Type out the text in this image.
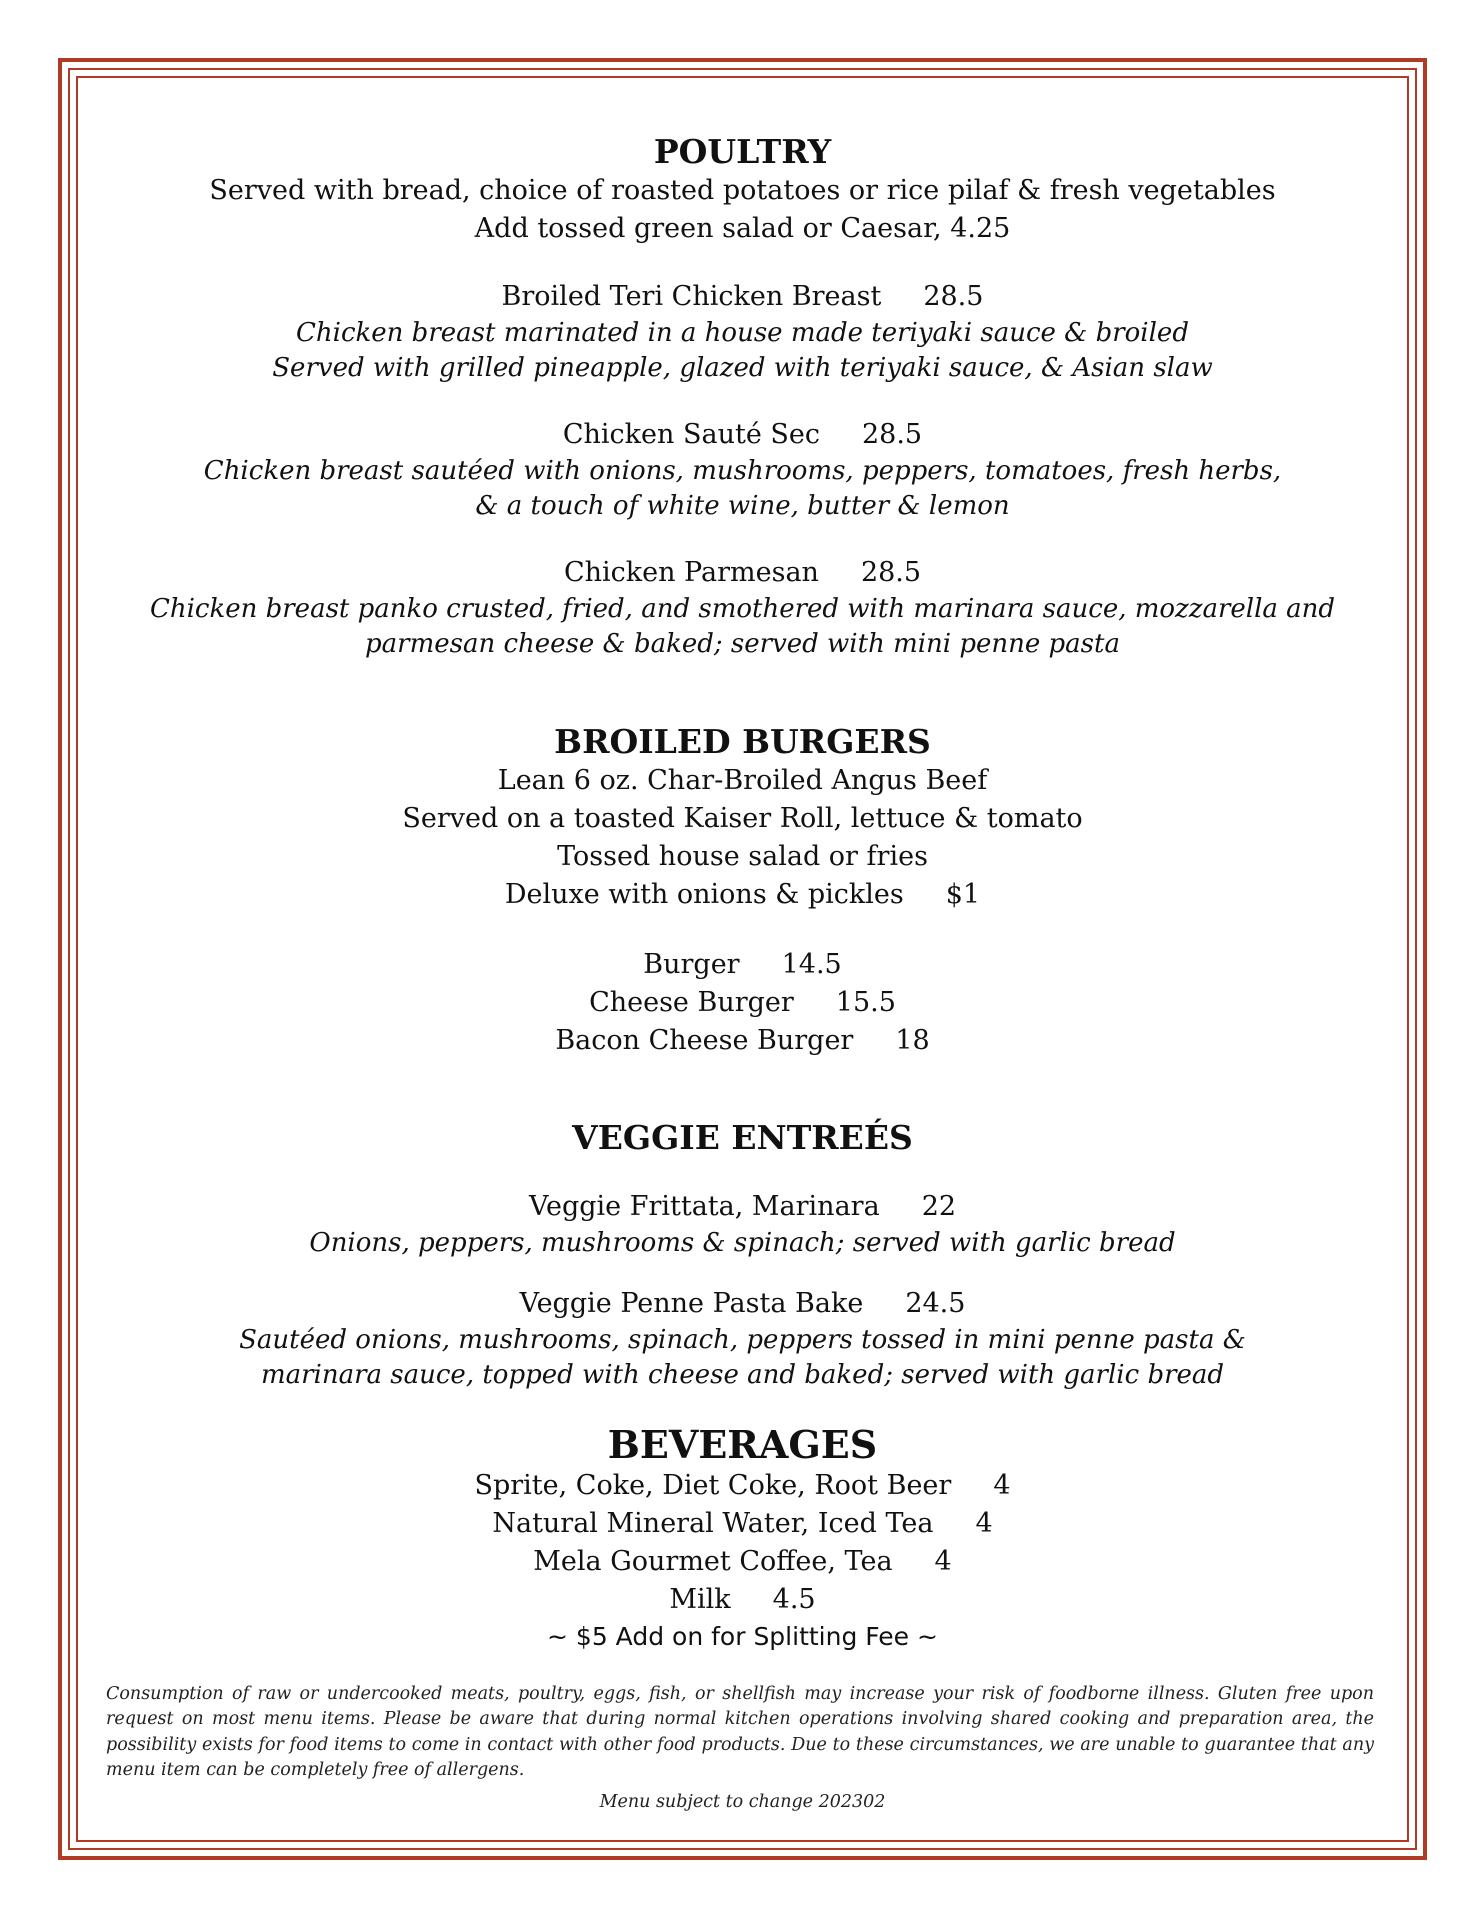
POULTRY

Served with bread, choice of roasted potatoes or rice pilaf & fresh vegetables

Add tossed green salad or Caesar, 4.25

Broiled Teri Chicken Breast 28.5

Chicken breast marinated in a house made teriyaki sauce & broiled

Served with grilled pineapple, glazed with teriyaki sauce, & Asian slaw

Chicken Sauté Sec 28.5

Chicken breast sautéed with onions, mushrooms, peppers, tomatoes, fresh herbs,

& a touch of white wine, butter & lemon

Chicken Parmesan 28.5

Chicken breast panko crusted, fried, and smothered with marinara sauce, mozzarella and

parmesan cheese & baked; served with mini penne pasta

BROILED BURGERS

Lean 6 oz. Char-Broiled Angus Beef

Served on a toasted Kaiser Roll, lettuce & tomato

Tossed house salad or fries

Deluxe with onions & pickles $1

Burger 14.5

Cheese Burger 15.5

Bacon Cheese Burger 18

VEGGIE ENTREÉS

Veggie Frittata, Marinara 22

Onions, peppers, mushrooms & spinach; served with garlic bread

Veggie Penne Pasta Bake 24.5

Sautéed onions, mushrooms, spinach, peppers tossed in mini penne pasta &

marinara sauce, topped with cheese and baked; served with garlic bread

BEVERAGES

Sprite, Coke, Diet Coke, Root Beer 4

Natural Mineral Water, Iced Tea 4

Mela Gourmet Coffee, Tea 4

Milk 4.5

~ $5 Add on for Splitting Fee ~

Consumption of raw or undercooked meats, poultry, eggs, fish, or shellfish may increase your risk of foodborne illness. Gluten free upon request on most menu items. Please be aware that during normal kitchen operations involving shared cooking and preparation area, the possibility exists for food items to come in contact with other food products. Due to these circumstances, we are unable to guarantee that any menu item can be completely free of allergens.

Menu subject to change 202302
